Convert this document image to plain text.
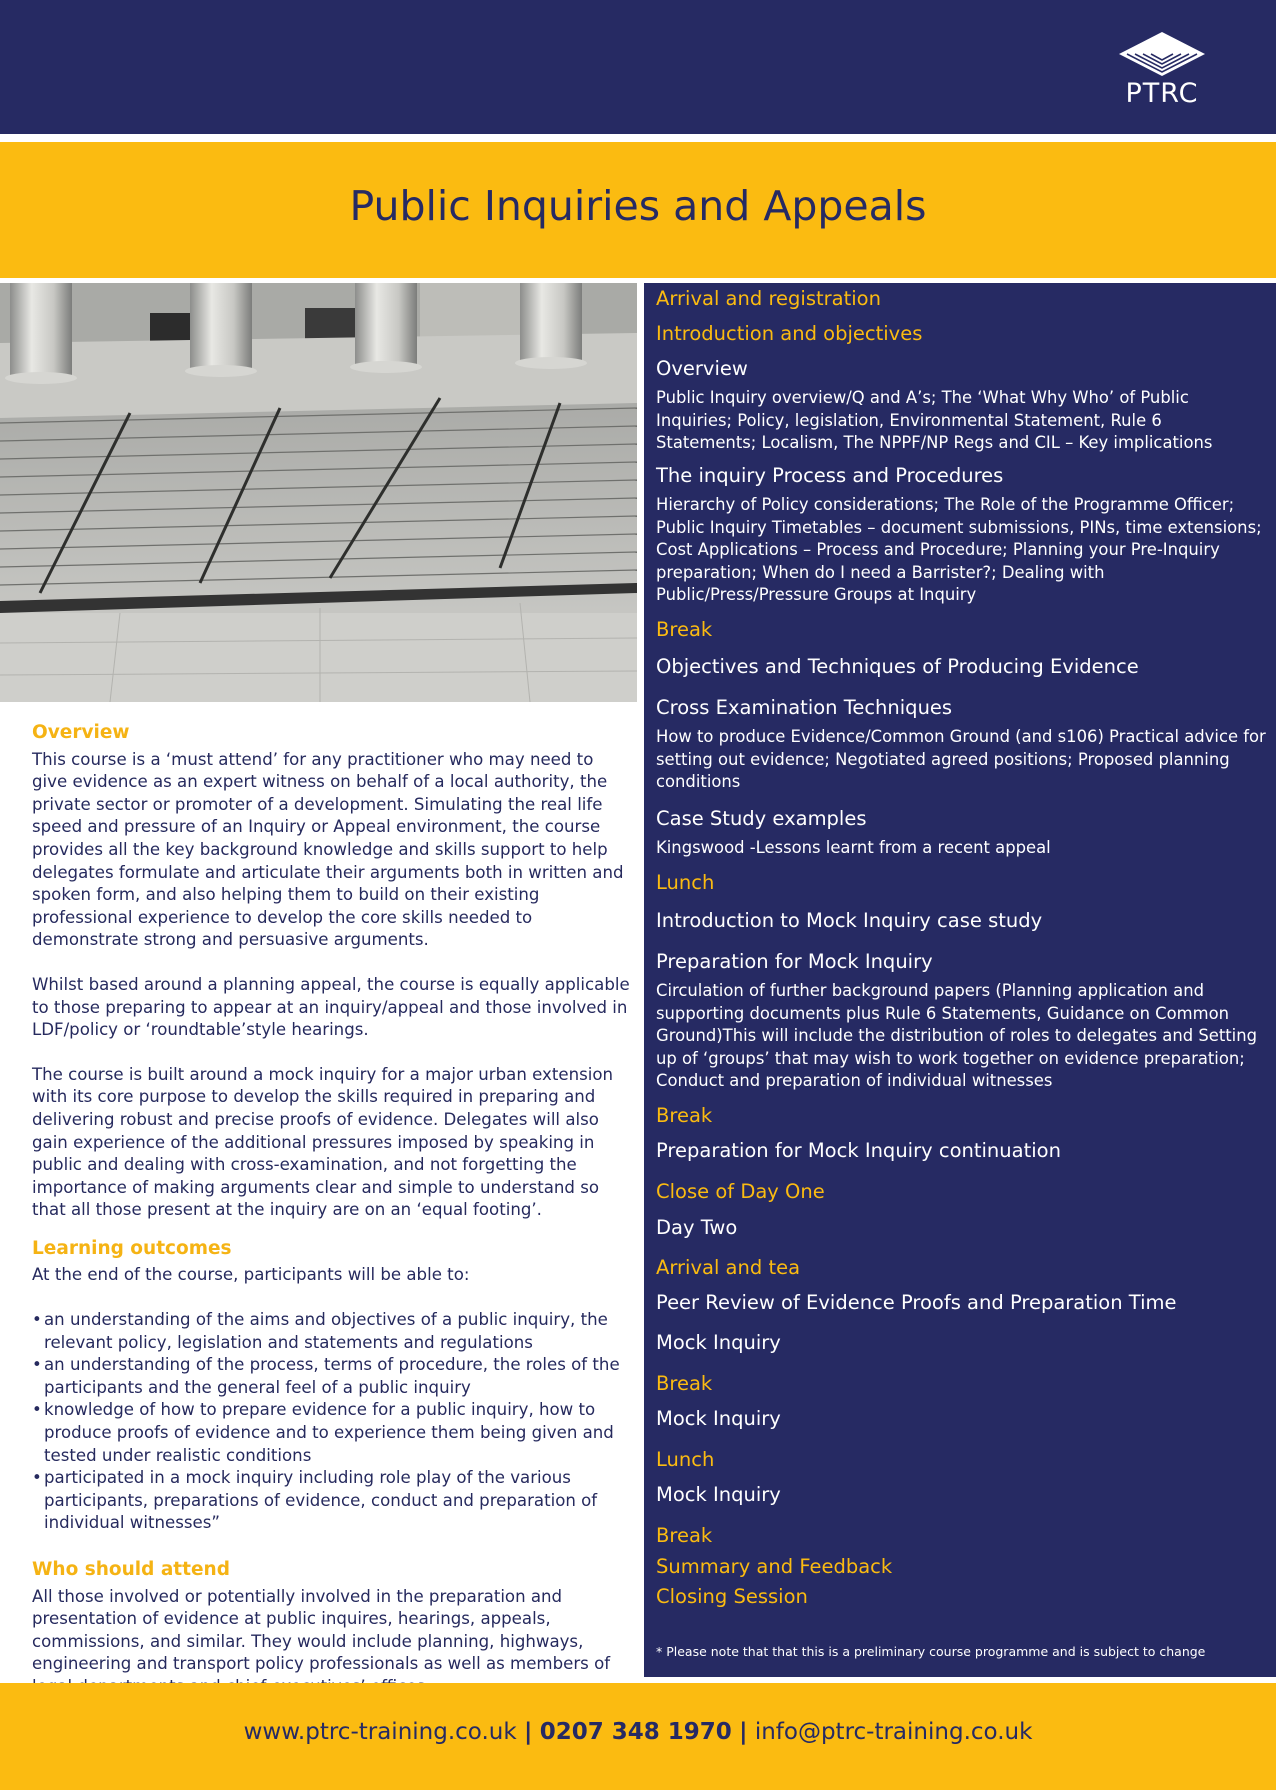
PTRC
Public Inquiries and Appeals
Overview

This course is a ‘must attend’ for any practitioner who may need to give evidence as an expert witness on behalf of a local authority, the private sector or promoter of a development. Simulating the real life speed and pressure of an Inquiry or Appeal environment, the course provides all the key background knowledge and skills support to help delegates formulate and articulate their arguments both in written and spoken form, and also helping them to build on their existing professional experience to develop the core skills needed to demonstrate strong and persuasive arguments.

Whilst based around a planning appeal, the course is equally applicable to those preparing to appear at an inquiry/appeal and those involved in LDF/policy or ‘roundtable’style hearings.

The course is built around a mock inquiry for a major urban extension with its core purpose to develop the skills required in preparing and delivering robust and precise proofs of evidence. Delegates will also gain experience of the additional pressures imposed by speaking in public and dealing with cross-examination, and not forgetting the importance of making arguments clear and simple to understand so that all those present at the inquiry are on an ‘equal footing’.

Learning outcomes

At the end of the course, participants will be able to:

• an understanding of the aims and objectives of a public inquiry, the relevant policy, legislation and statements and regulations
• an understanding of the process, terms of procedure, the roles of the participants and the general feel of a public inquiry
• knowledge of how to prepare evidence for a public inquiry, how to produce proofs of evidence and to experience them being given and tested under realistic conditions
• participated in a mock inquiry including role play of the various participants, preparations of evidence, conduct and preparation of individual witnesses”
Who should attend

All those involved or potentially involved in the preparation and presentation of evidence at public inquires, hearings, appeals, commissions, and similar. They would include planning, highways, engineering and transport policy professionals as well as members of

Arrival and registration
Introduction and objectives
Overview
Public Inquiry overview/Q and A’s; The ‘What Why Who’ of Public Inquiries; Policy, legislation, Environmental Statement, Rule 6 Statements; Localism, The NPPF/NP Regs and CIL – Key implications
The inquiry Process and Procedures
Hierarchy of Policy considerations; The Role of the Programme Officer; Public Inquiry Timetables – document submissions, PINs, time extensions; Cost Applications – Process and Procedure; Planning your Pre-Inquiry preparation; When do I need a Barrister?; Dealing with Public/Press/Pressure Groups at Inquiry
Break
Objectives and Techniques of Producing Evidence
Cross Examination Techniques
How to produce Evidence/Common Ground (and s106) Practical advice for setting out evidence; Negotiated agreed positions; Proposed planning conditions
Case Study examples
Kingswood -Lessons learnt from a recent appeal
Lunch
Introduction to Mock Inquiry case study
Preparation for Mock Inquiry
Circulation of further background papers (Planning application and supporting documents plus Rule 6 Statements, Guidance on Common Ground)This will include the distribution of roles to delegates and Setting up of ‘groups’ that may wish to work together on evidence preparation; Conduct and preparation of individual witnesses
Break
Preparation for Mock Inquiry continuation
Close of Day One
Day Two
Arrival and tea
Peer Review of Evidence Proofs and Preparation Time
Mock Inquiry
Break
Mock Inquiry
Lunch
Mock Inquiry
Break
Summary and Feedback
Closing Session
* Please note that that this is a preliminary course programme and is subject to change
www.ptrc-training.co.uk | 0207 348 1970 | info@ptrc-training.co.uk
